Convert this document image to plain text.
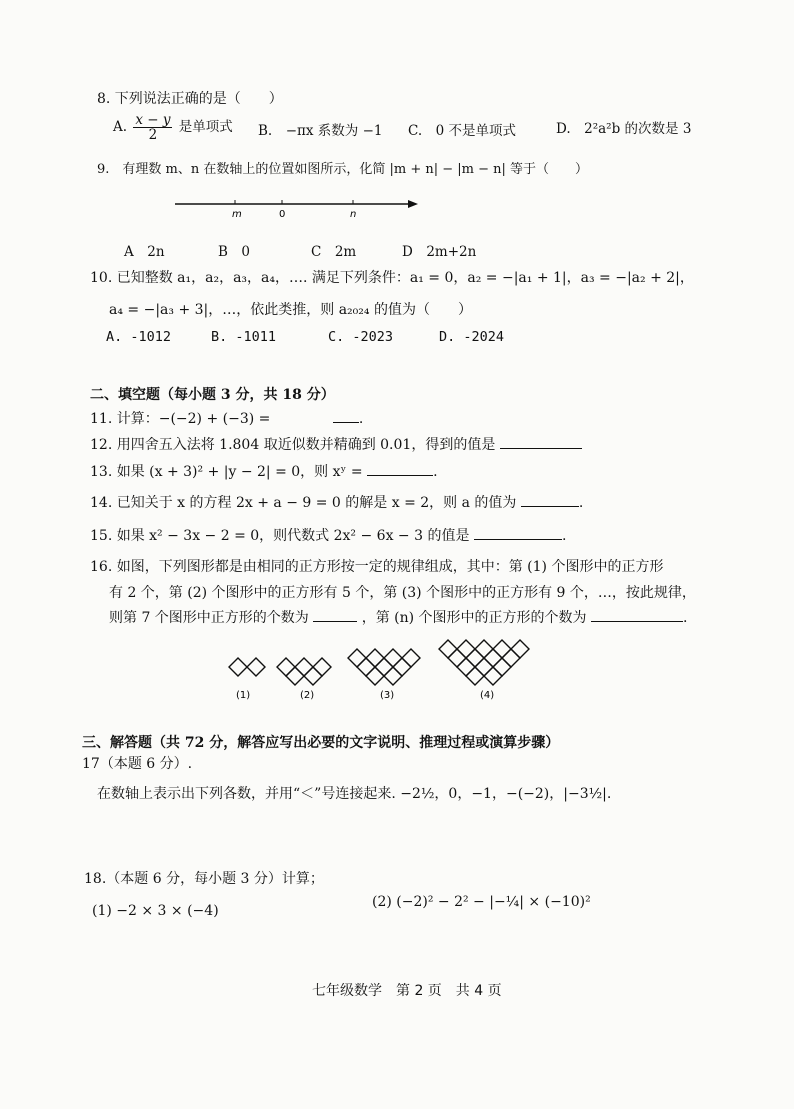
8. 下列说法正确的是（　　）
A. $\frac{x - y}{2}$ 是单项式 B.　−πx 系数为 −1 C.　0 不是单项式	D.　2²a²b 的次数是 3
9.　有理数 m、n 在数轴上的位置如图所示，化简 |m + n| − |m − n| 等于（　　）
m	0	n
A　2n	B　0	C　2m	D　2m+2n
10. 已知整数 a₁，a₂，a₃，a₄，…. 满足下列条件：a₁ = 0，a₂ = −|a₁ + 1|，a₃ = −|a₂ + 2|，
a₄ = −|a₃ + 3|，…，依此类推，则 a₂₀₂₄ 的值为（　　）
A. -1012	B. -1011	C. -2023	D. -2024
二、填空题（每小题 3 分，共 18 分）
11. 计算：−(−2) + (−3) =	.
12. 用四舍五入法将 1.804 取近似数并精确到 0.01，得到的值是
13. 如果 (x + 3)² + |y − 2| = 0，则 xʸ =	.
14. 已知关于 x 的方程 2x + a − 9 = 0 的解是 x = 2，则 a 的值为	.
15. 如果 x² − 3x − 2 = 0，则代数式 2x² − 6x − 3 的值是	.
16. 如图，下列图形都是由相同的正方形按一定的规律组成，其中：第 (1) 个图形中的正方形
有 2 个，第 (2) 个图形中的正方形有 5 个，第 (3) 个图形中的正方形有 9 个，…，按此规律，
则第 7 个图形中正方形的个数为	，第 (n) 个图形中的正方形的个数为	.
(1)	(2)	(3)	(4)
三、解答题（共 72 分，解答应写出必要的文字说明、推理过程或演算步骤）
17（本题 6 分）.
在数轴上表示出下列各数，并用“＜”号连接起来. −2½，0，−1，−(−2)，|−3½|.
18.（本题 6 分，每小题 3 分）计算；
(1) −2 × 3 × (−4)
(2) (−2)² − 2² − |−¼| × (−10)²
七年级数学　第 2 页　共 4 页
